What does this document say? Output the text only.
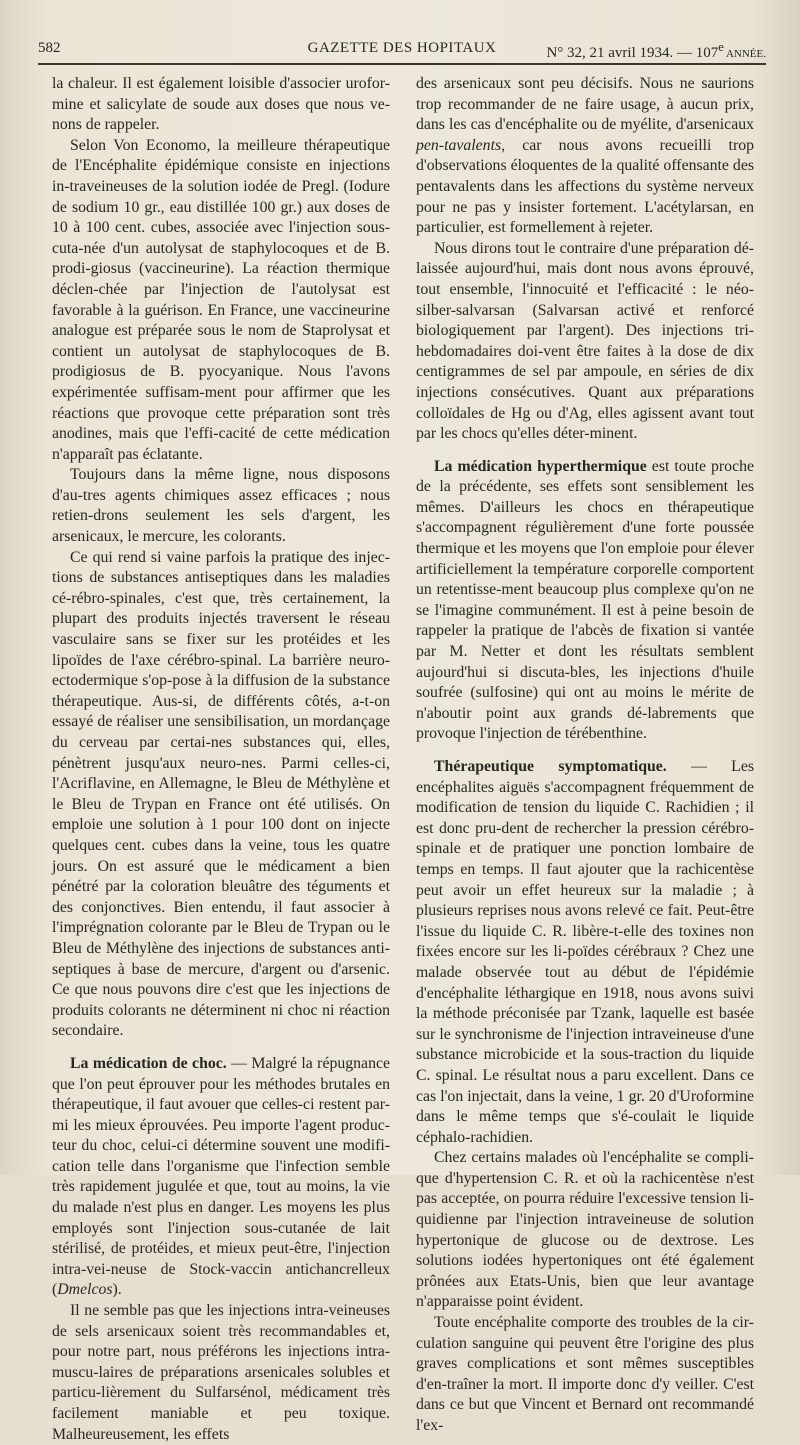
582	GAZETTE DES HOPITAUX	N° 32, 21 avril 1934. — 107e ANNÉE.

la chaleur. Il est également loisible d'associer urofor-mine et salicylate de soude aux doses que nous ve-nons de rappeler.

Selon Von Economo, la meilleure thérapeutique de l'Encéphalite épidémique consiste en injections in-traveineuses de la solution iodée de Pregl. (Iodure de sodium 10 gr., eau distillée 100 gr.) aux doses de 10 à 100 cent. cubes, associée avec l'injection sous-cuta-née d'un autolysat de staphylocoques et de B. prodi-giosus (vaccineurine). La réaction thermique déclen-chée par l'injection de l'autolysat est favorable à la guérison. En France, une vaccineurine analogue est préparée sous le nom de Staprolysat et contient un autolysat de staphylocoques de B. prodigiosus de B. pyocyanique. Nous l'avons expérimentée suffisam-ment pour affirmer que les réactions que provoque cette préparation sont très anodines, mais que l'effi-cacité de cette médication n'apparaît pas éclatante.

Toujours dans la même ligne, nous disposons d'au-tres agents chimiques assez efficaces ; nous retien-drons seulement les sels d'argent, les arsenicaux, le mercure, les colorants.

Ce qui rend si vaine parfois la pratique des injec-tions de substances antiseptiques dans les maladies cé-rébro-spinales, c'est que, très certainement, la plupart des produits injectés traversent le réseau vasculaire sans se fixer sur les protéides et les lipoïdes de l'axe cérébro-spinal. La barrière neuro-ectodermique s'op-pose à la diffusion de la substance thérapeutique. Aus-si, de différents côtés, a-t-on essayé de réaliser une sensibilisation, un mordançage du cerveau par certai-nes substances qui, elles, pénètrent jusqu'aux neuro-nes. Parmi celles-ci, l'Acriflavine, en Allemagne, le Bleu de Méthylène et le Bleu de Trypan en France ont été utilisés. On emploie une solution à 1 pour 100 dont on injecte quelques cent. cubes dans la veine, tous les quatre jours. On est assuré que le médicament a bien pénétré par la coloration bleuâtre des téguments et des conjonctives. Bien entendu, il faut associer à l'imprégnation colorante par le Bleu de Trypan ou le Bleu de Méthylène des injections de substances anti-septiques à base de mercure, d'argent ou d'arsenic. Ce que nous pouvons dire c'est que les injections de produits colorants ne déterminent ni choc ni réaction secondaire.

La médication de choc. — Malgré la répugnance que l'on peut éprouver pour les méthodes brutales en thérapeutique, il faut avouer que celles-ci restent par-mi les mieux éprouvées. Peu importe l'agent produc-teur du choc, celui-ci détermine souvent une modifi-cation telle dans l'organisme que l'infection semble très rapidement jugulée et que, tout au moins, la vie du malade n'est plus en danger. Les moyens les plus employés sont l'injection sous-cutanée de lait stérilisé, de protéides, et mieux peut-être, l'injection intra-vei-neuse de Stock-vaccin antichancrelleux (Dmelcos).

Il ne semble pas que les injections intra-veineuses de sels arsenicaux soient très recommandables et, pour notre part, nous préférons les injections intra-muscu-laires de préparations arsenicales solubles et particu-lièrement du Sulfarsénol, médicament très facilement maniable et peu toxique. Malheureusement, les effets

des arsenicaux sont peu décisifs. Nous ne saurions trop recommander de ne faire usage, à aucun prix, dans les cas d'encéphalite ou de myélite, d'arsenicaux pen-tavalents, car nous avons recueilli trop d'observations éloquentes de la qualité offensante des pentavalents dans les affections du système nerveux pour ne pas y insister fortement. L'acétylarsan, en particulier, est formellement à rejeter.

Nous dirons tout le contraire d'une préparation dé-laissée aujourd'hui, mais dont nous avons éprouvé, tout ensemble, l'innocuité et l'efficacité : le néo-silber-salvarsan (Salvarsan activé et renforcé biologiquement par l'argent). Des injections tri-hebdomadaires doi-vent être faites à la dose de dix centigrammes de sel par ampoule, en séries de dix injections consécutives. Quant aux préparations colloïdales de Hg ou d'Ag, elles agissent avant tout par les chocs qu'elles déter-minent.

La médication hyperthermique est toute proche de la précédente, ses effets sont sensiblement les mêmes. D'ailleurs les chocs en thérapeutique s'accompagnent régulièrement d'une forte poussée thermique et les moyens que l'on emploie pour élever artificiellement la température corporelle comportent un retentisse-ment beaucoup plus complexe qu'on ne se l'imagine communément. Il est à peine besoin de rappeler la pratique de l'abcès de fixation si vantée par M. Netter et dont les résultats semblent aujourd'hui si discuta-bles, les injections d'huile soufrée (sulfosine) qui ont au moins le mérite de n'aboutir point aux grands dé-labrements que provoque l'injection de térébenthine.

Thérapeutique symptomatique. — Les encéphalites aiguës s'accompagnent fréquemment de modification de tension du liquide C. Rachidien ; il est donc pru-dent de rechercher la pression cérébro-spinale et de pratiquer une ponction lombaire de temps en temps. Il faut ajouter que la rachicentèse peut avoir un effet heureux sur la maladie ; à plusieurs reprises nous avons relevé ce fait. Peut-être l'issue du liquide C. R. libère-t-elle des toxines non fixées encore sur les li-poïdes cérébraux ? Chez une malade observée tout au début de l'épidémie d'encéphalite léthargique en 1918, nous avons suivi la méthode préconisée par Tzank, laquelle est basée sur le synchronisme de l'injection intraveineuse d'une substance microbicide et la sous-traction du liquide C. spinal. Le résultat nous a paru excellent. Dans ce cas l'on injectait, dans la veine, 1 gr. 20 d'Uroformine dans le même temps que s'é-coulait le liquide céphalo-rachidien.

Chez certains malades où l'encéphalite se compli-que d'hypertension C. R. et où la rachicentèse n'est pas acceptée, on pourra réduire l'excessive tension li-quidienne par l'injection intraveineuse de solution hypertonique de glucose ou de dextrose. Les solutions iodées hypertoniques ont été également prônées aux Etats-Unis, bien que leur avantage n'apparaisse point évident.

Toute encéphalite comporte des troubles de la cir-culation sanguine qui peuvent être l'origine des plus graves complications et sont mêmes susceptibles d'en-traîner la mort. Il importe donc d'y veiller. C'est dans ce but que Vincent et Bernard ont recommandé l'ex-
